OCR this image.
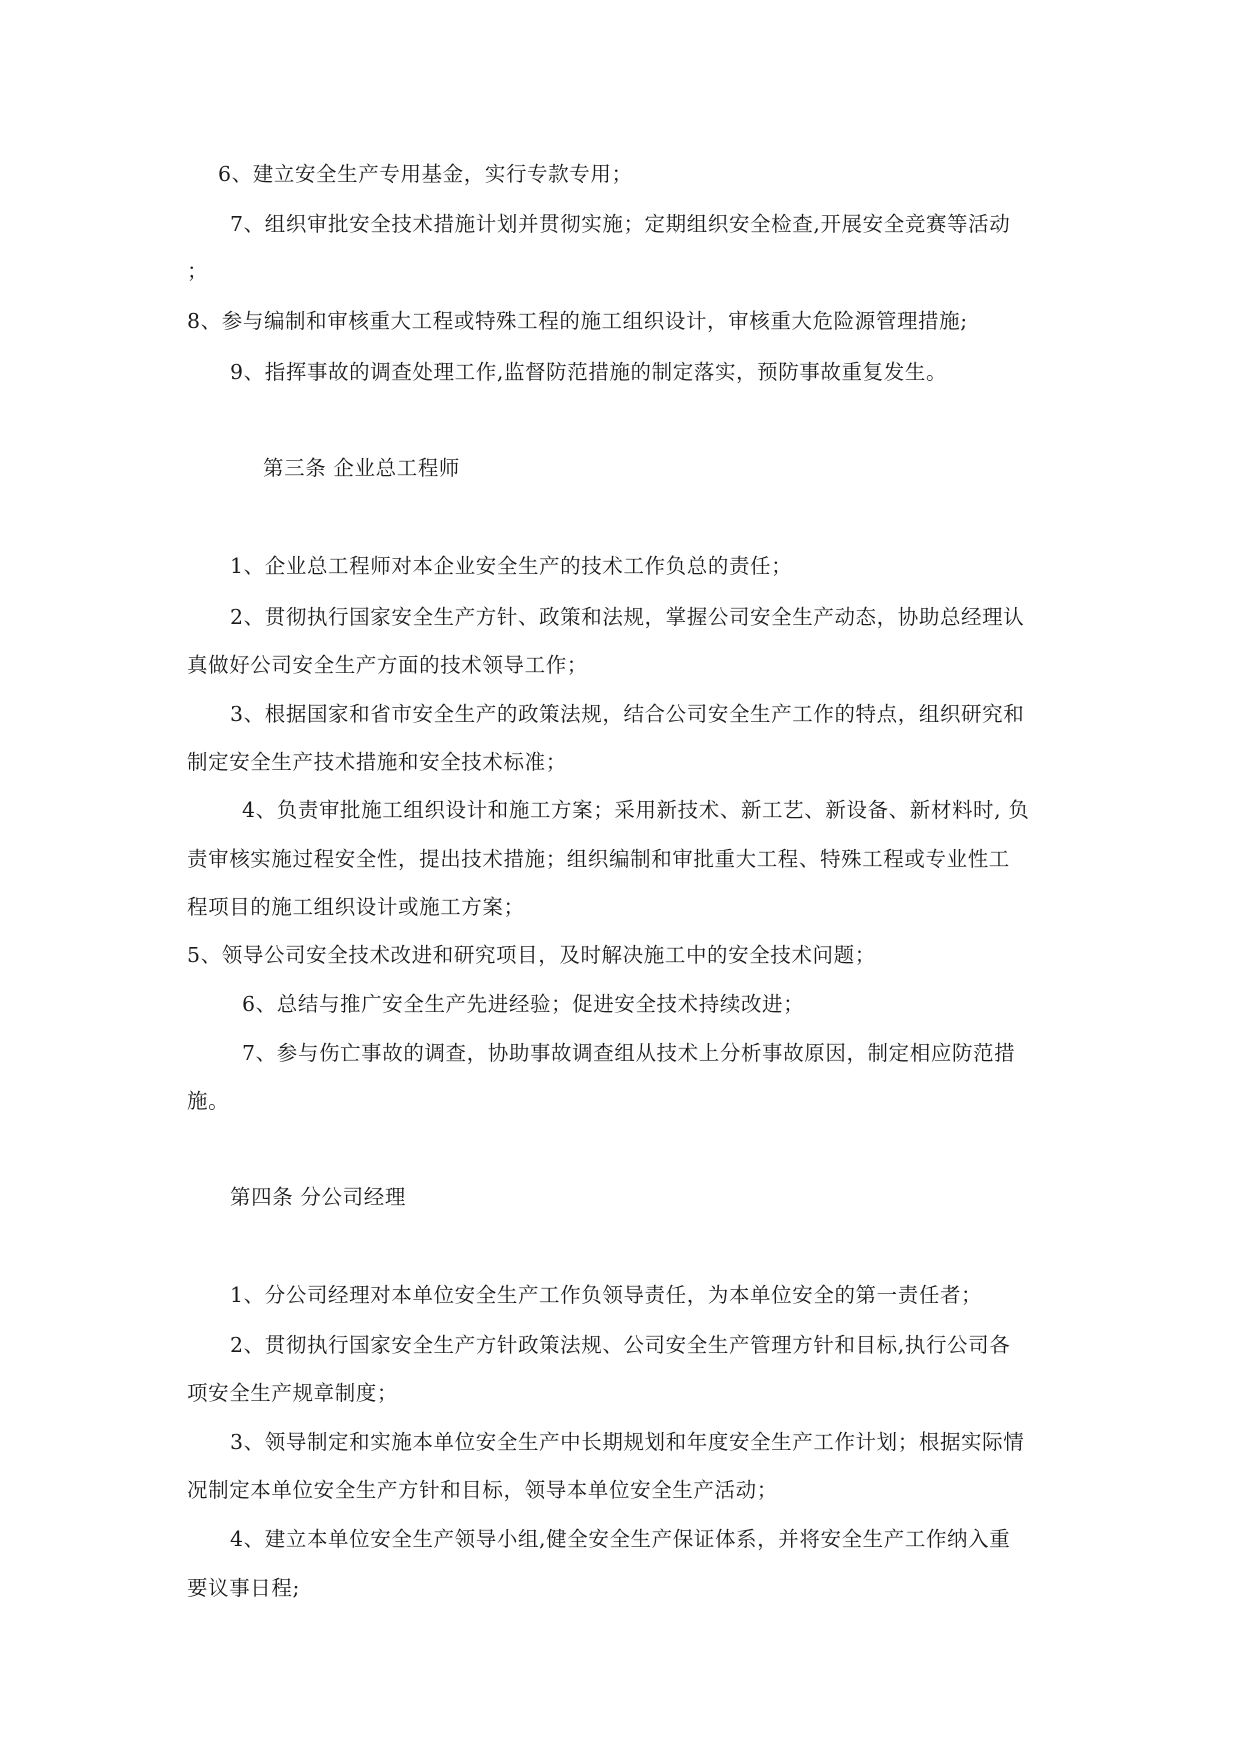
6、建立安全生产专用基金，实行专款专用；
7、组织审批安全技术措施计划并贯彻实施；定期组织安全检查,开展安全竞赛等活动
；
8、参与编制和审核重大工程或特殊工程的施工组织设计，审核重大危险源管理措施;
9、指挥事故的调查处理工作,监督防范措施的制定落实，预防事故重复发生。
第三条 企业总工程师
1、企业总工程师对本企业安全生产的技术工作负总的责任；
2、贯彻执行国家安全生产方针、政策和法规，掌握公司安全生产动态，协助总经理认
真做好公司安全生产方面的技术领导工作；
3、根据国家和省市安全生产的政策法规，结合公司安全生产工作的特点，组织研究和
制定安全生产技术措施和安全技术标准；
4、负责审批施工组织设计和施工方案；采用新技术、新工艺、新设备、新材料时, 负
责审核实施过程安全性，提出技术措施；组织编制和审批重大工程、特殊工程或专业性工
程项目的施工组织设计或施工方案；
5、领导公司安全技术改进和研究项目，及时解决施工中的安全技术问题；
6、总结与推广安全生产先进经验；促进安全技术持续改进；
7、参与伤亡事故的调查，协助事故调查组从技术上分析事故原因，制定相应防范措
施。
第四条 分公司经理
1、分公司经理对本单位安全生产工作负领导责任，为本单位安全的第一责任者；
2、贯彻执行国家安全生产方针政策法规、公司安全生产管理方针和目标,执行公司各
项安全生产规章制度；
3、领导制定和实施本单位安全生产中长期规划和年度安全生产工作计划；根据实际情
况制定本单位安全生产方针和目标，领导本单位安全生产活动；
4、建立本单位安全生产领导小组,健全安全生产保证体系，并将安全生产工作纳入重
要议事日程;
